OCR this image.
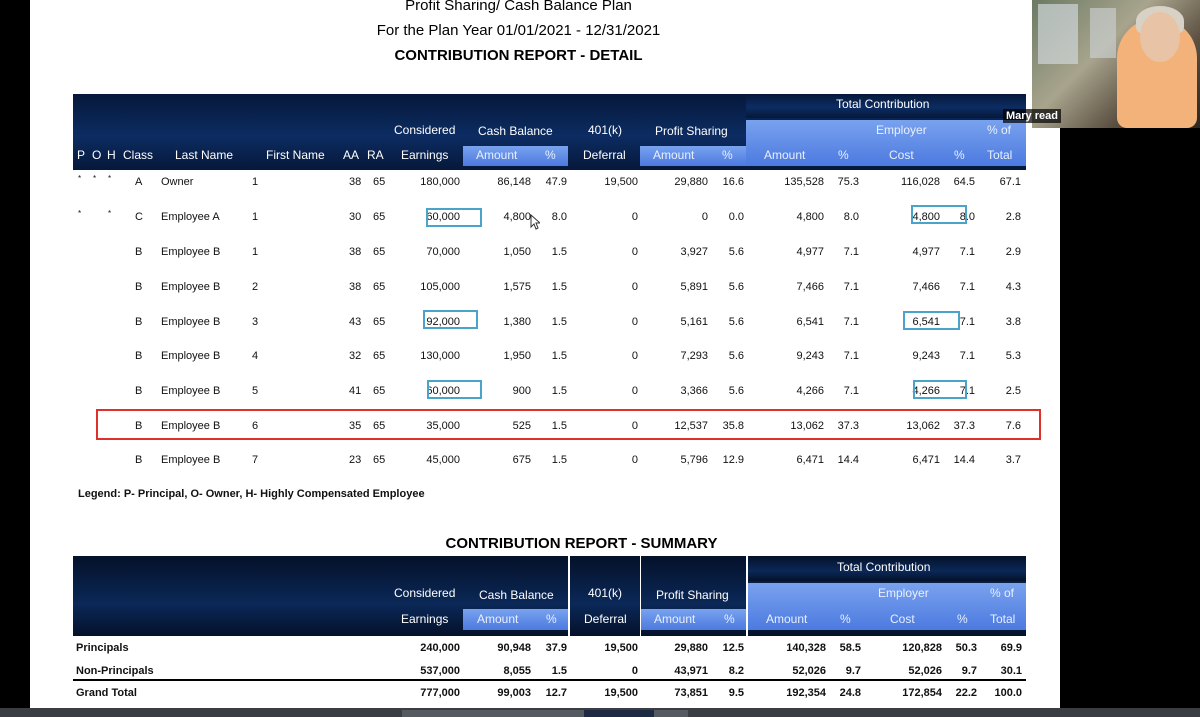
Profit Sharing/ Cash Balance Plan
For the Plan Year 01/01/2021 - 12/31/2021
CONTRIBUTION REPORT - DETAIL
Total Contribution
Considered Cash Balance	401(k)	Profit Sharing	Employer	% of
P O H Class Last Name	First Name AA RA Earnings Amount % Deferral Amount %	Amount	%	Cost	% Total
* * * A Owner	1	38 65	180,000	86,148 47.9	19,500	29,880 16.6	135,528 75.3	116,028 64.5 67.1
*	* C Employee A	1	30 65	60,000	4,800 8.0	0	0 0.0	4,800 8.0	4,800 8.0	2.8
B Employee B	1	38 65	70,000	1,050 1.5	0	3,927 5.6	4,977 7.1	4,977 7.1	2.9
B Employee B	2	38 65	105,000	1,575 1.5	0	5,891 5.6	7,466 7.1	7,466 7.1	4.3
B Employee B	3	43 65	92,000	1,380 1.5	0	5,161 5.6	6,541 7.1	6,541 7.1	3.8
B Employee B	4	32 65	130,000	1,950 1.5	0	7,293 5.6	9,243 7.1	9,243 7.1	5.3
B Employee B	5	41 65	60,000	900 1.5	0	3,366 5.6	4,266 7.1	4,266 7.1	2.5
B Employee B	6	35 65	35,000	525 1.5	0	12,537 35.8	13,062 37.3	13,062 37.3	7.6
B Employee B	7	23 65	45,000	675 1.5	0	5,796 12.9	6,471 14.4	6,471 14.4	3.7
Legend: P- Principal, O- Owner, H- Highly Compensated Employee
CONTRIBUTION REPORT - SUMMARY
Total Contribution
Considered Cash Balance	401(k)	Profit Sharing	Employer	% of
Earnings Amount % Deferral Amount %	Amount	%	Cost	% Total
Principals	240,000	90,948 37.9	19,500	29,880 12.5	140,328 58.5	120,828 50.3 69.9
Non-Principals	537,000	8,055 1.5	0	43,971 8.2	52,026 9.7	52,026 9.7 30.1
Grand Total	777,000	99,003 12.7	19,500	73,851 9.5	192,354 24.8	172,854 22.2 100.0
Mary read
